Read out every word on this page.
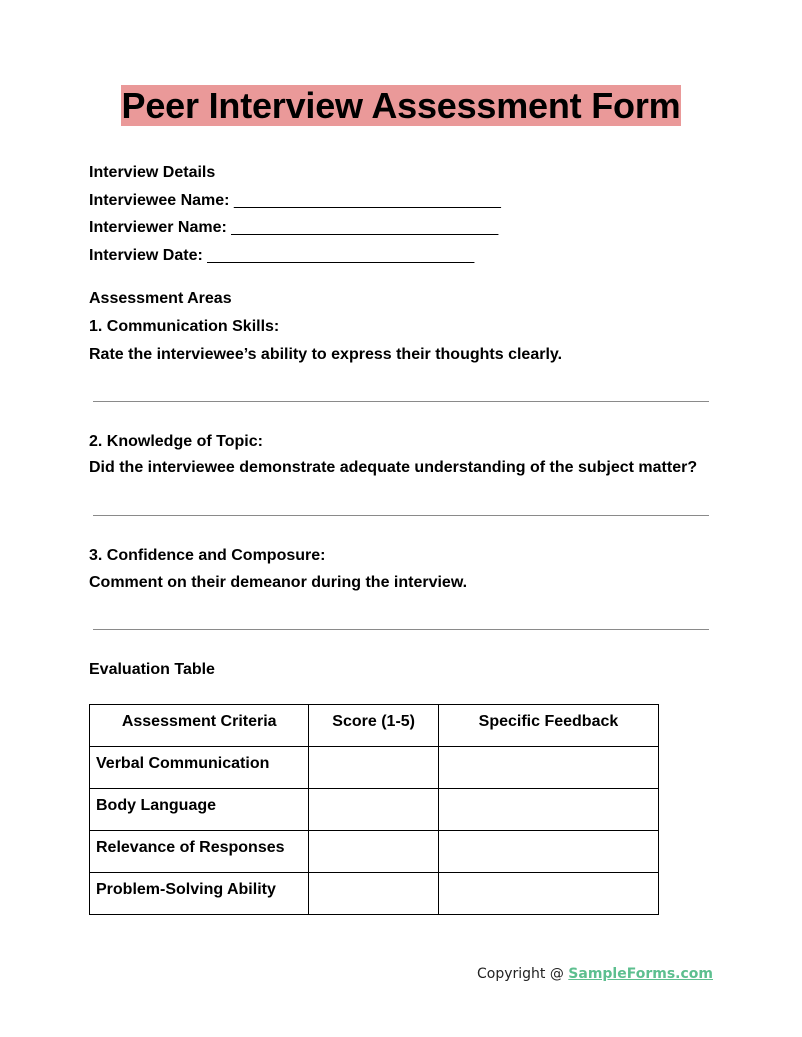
Peer Interview Assessment Form
Interview Details
Interviewee Name: ______________________________
Interviewer Name: ______________________________
Interview Date: ______________________________
Assessment Areas
1. Communication Skills:
Rate the interviewee’s ability to express their thoughts clearly.
2. Knowledge of Topic:
Did the interviewee demonstrate adequate understanding of the subject matter?
3. Confidence and Composure:
Comment on their demeanor during the interview.
Evaluation Table
Assessment Criteria	Score (1-5)	Specific Feedback
Verbal Communication		
Body Language		
Relevance of Responses		
Problem-Solving Ability		
Copyright @ SampleForms.com
